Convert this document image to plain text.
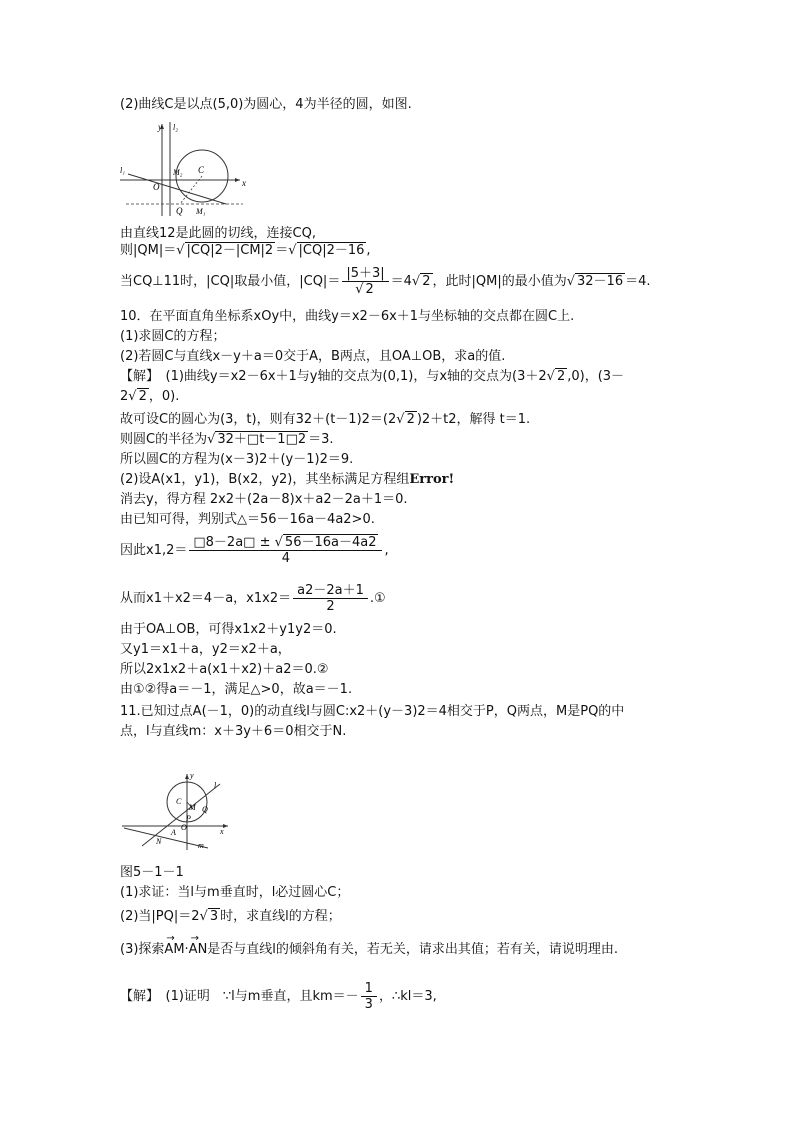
(2)曲线C是以点(5,0)为圆心，4为半径的圆，如图.
y
x
O
C
M₂
M₁
Q
l₁
l₂
由直线12是此圆的切线，连接CQ,
则|QM|＝√ |CQ|2－|CM|2 ＝√ |CQ|2－16 ,
当CQ⊥11时，|CQ|取最小值，$|CQ|= \frac{|5+3|}{√ 2} =4√$ 2 ，此时|QM|的最小值为√ 32－16 ＝4.
10．在平面直角坐标系xOy中，曲线y＝x2－6x＋1与坐标轴的交点都在圆C上.
(1)求圆C的方程；
(2)若圆C与直线x－y＋a＝0交于A，B两点，且OA⊥OB，求a的值.
【解】　(1)曲线y＝x2－6x＋1与y轴的交点为(0,1)，与x轴的交点为(3＋2√ 2 ,0)，(3－
2√ 2 ，0).
故可设C的圆心为(3，t)，则有32＋(t－1)2＝(2√ 2 )2＋t2，解得 t＝1.
则圆C的半径为√ 32＋□t－1□2 ＝3.
所以圆C的方程为(x－3)2＋(y－1)2＝9.
(2)设A(x1，y1)，B(x2，y2)，其坐标满足方程组Error!
消去y，得方程 2x2＋(2a－8)x＋a2－2a＋1＝0.
由已知可得，判别式△＝56－16a－4a2>0.
因此$x1,2= \frac{□8-2a□ \pm √ 56-16a-4a2}{4}$ ,
从而x1＋x2＝4－a，$x1x2= \frac{a2-2a+1}{2}$ .①
由于OA⊥OB，可得x1x2＋y1y2＝0.
又y1＝x1＋a，y2＝x2＋a，
所以2x1x2＋a(x1＋x2)＋a2＝0.②
由①②得a＝－1，满足△>0，故a＝－1.
11.已知过点A(－1，0)的动直线l与圆C:x2＋(y－3)2＝4相交于P，Q两点，M是PQ的中
点，l与直线m：x＋3y＋6＝0相交于N.
y
x
C
M Q
P
O
A
N
l
m
图5－1－1
(1)求证：当l与m垂直时，l必过圆心C；
(2)当|PQ|＝2√ 3 时，求直线l的方程；
(3)探索→ AM·→ AN是否与直线l的倾斜角有关，若无关，请求出其值；若有关，请说明理由.
【解】　(1)证明　∵l与m垂直，且$km=- \frac{1}{3}$ ，∴kl＝3,
